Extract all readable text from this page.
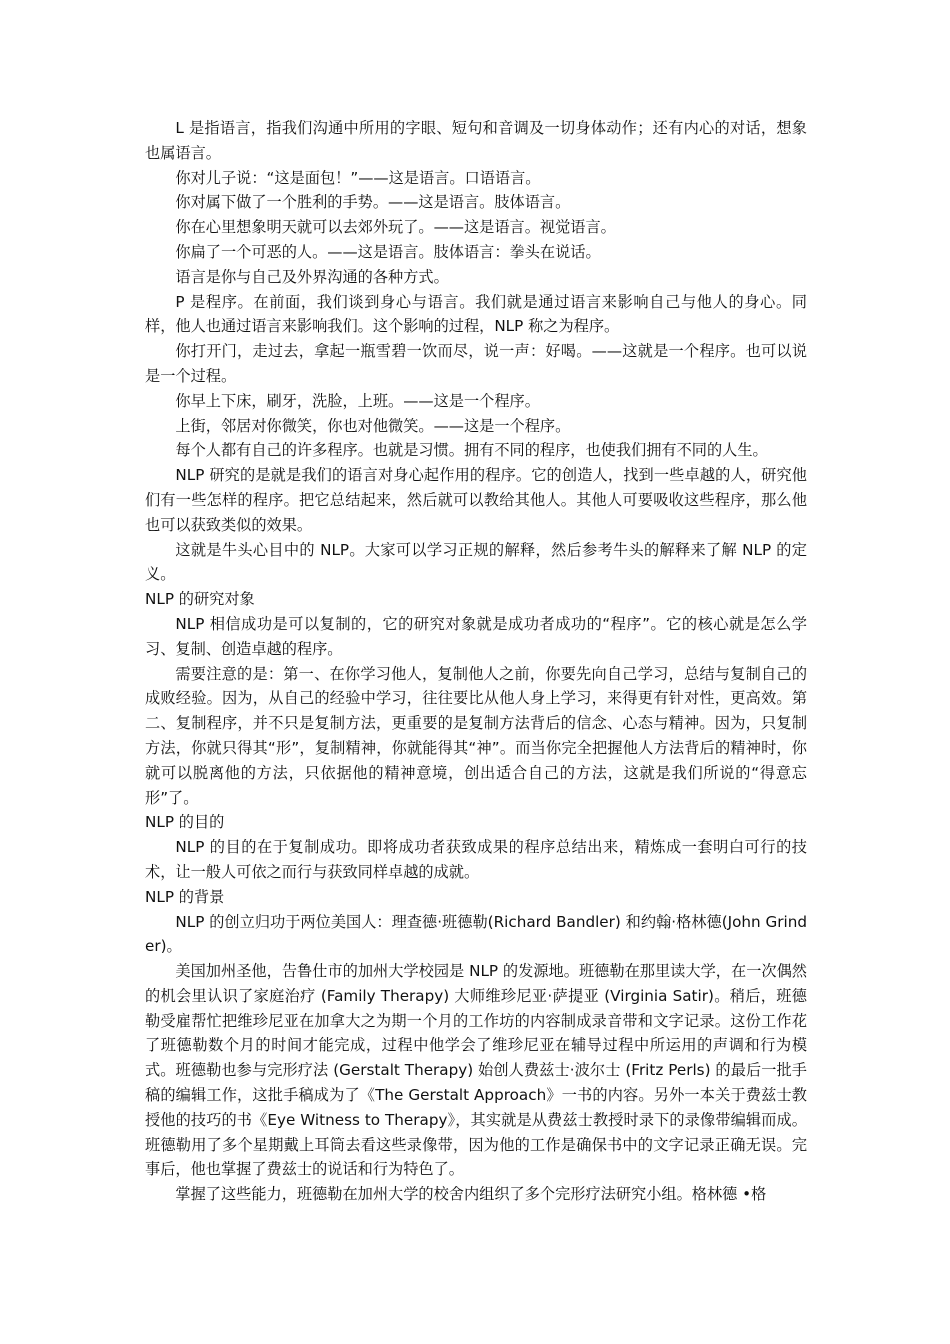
L 是指语言，指我们沟通中所用的字眼、短句和音调及一切身体动作；还有内心的对话，想象也属语言。

你对儿子说：“这是面包！”——这是语言。口语语言。

你对属下做了一个胜利的手势。——这是语言。肢体语言。

你在心里想象明天就可以去郊外玩了。——这是语言。视觉语言。

你扁了一个可恶的人。——这是语言。肢体语言：拳头在说话。

语言是你与自己及外界沟通的各种方式。

P 是程序。在前面，我们谈到身心与语言。我们就是通过语言来影响自己与他人的身心。同样，他人也通过语言来影响我们。这个影响的过程，NLP 称之为程序。

你打开门，走过去，拿起一瓶雪碧一饮而尽，说一声：好喝。——这就是一个程序。也可以说是一个过程。

你早上下床，刷牙，洗脸，上班。——这是一个程序。

上街，邻居对你微笑，你也对他微笑。——这是一个程序。

每个人都有自己的许多程序。也就是习惯。拥有不同的程序，也使我们拥有不同的人生。

NLP 研究的是就是我们的语言对身心起作用的程序。它的创造人，找到一些卓越的人，研究他们有一些怎样的程序。把它总结起来，然后就可以教给其他人。其他人可要吸收这些程序，那么他也可以获致类似的效果。

这就是牛头心目中的 NLP。大家可以学习正规的解释，然后参考牛头的解释来了解 NLP 的定义。

NLP 的研究对象

NLP 相信成功是可以复制的，它的研究对象就是成功者成功的“程序”。它的核心就是怎么学习、复制、创造卓越的程序。

需要注意的是：第一、在你学习他人，复制他人之前，你要先向自己学习，总结与复制自己的成败经验。因为，从自己的经验中学习，往往要比从他人身上学习，来得更有针对性，更高效。第二、复制程序，并不只是复制方法，更重要的是复制方法背后的信念、心态与精神。因为，只复制方法，你就只得其“形”，复制精神，你就能得其“神”。而当你完全把握他人方法背后的精神时，你就可以脱离他的方法，只依据他的精神意境，创出适合自己的方法，这就是我们所说的“得意忘形”了。

NLP 的目的

NLP 的目的在于复制成功。即将成功者获致成果的程序总结出来，精炼成一套明白可行的技术，让一般人可依之而行与获致同样卓越的成就。

NLP 的背景

NLP 的创立归功于两位美国人：理查德·班德勒(Richard Bandler) 和约翰·格林德(John Grinder)。

美国加州圣他，告鲁仕市的加州大学校园是 NLP 的发源地。班德勒在那里读大学，在一次偶然的机会里认识了家庭治疗 (Family Therapy) 大师维珍尼亚·萨提亚 (Virginia Satir)。稍后，班德勒受雇帮忙把维珍尼亚在加拿大之为期一个月的工作坊的内容制成录音带和文字记录。这份工作花了班德勒数个月的时间才能完成，过程中他学会了维珍尼亚在辅导过程中所运用的声调和行为模式。班德勒也参与完形疗法 (Gerstalt Therapy) 始创人费兹士·波尔士 (Fritz Perls) 的最后一批手稿的编辑工作，这批手稿成为了《The Gerstalt Approach》一书的内容。另外一本关于费兹士教授他的技巧的书《Eye Witness to Therapy》，其实就是从费兹士教授时录下的录像带编辑而成。班德勒用了多个星期戴上耳筒去看这些录像带，因为他的工作是确保书中的文字记录正确无误。完事后，他也掌握了费兹士的说话和行为特色了。

掌握了这些能力，班德勒在加州大学的校舍内组织了多个完形疗法研究小组。格林德 •格
